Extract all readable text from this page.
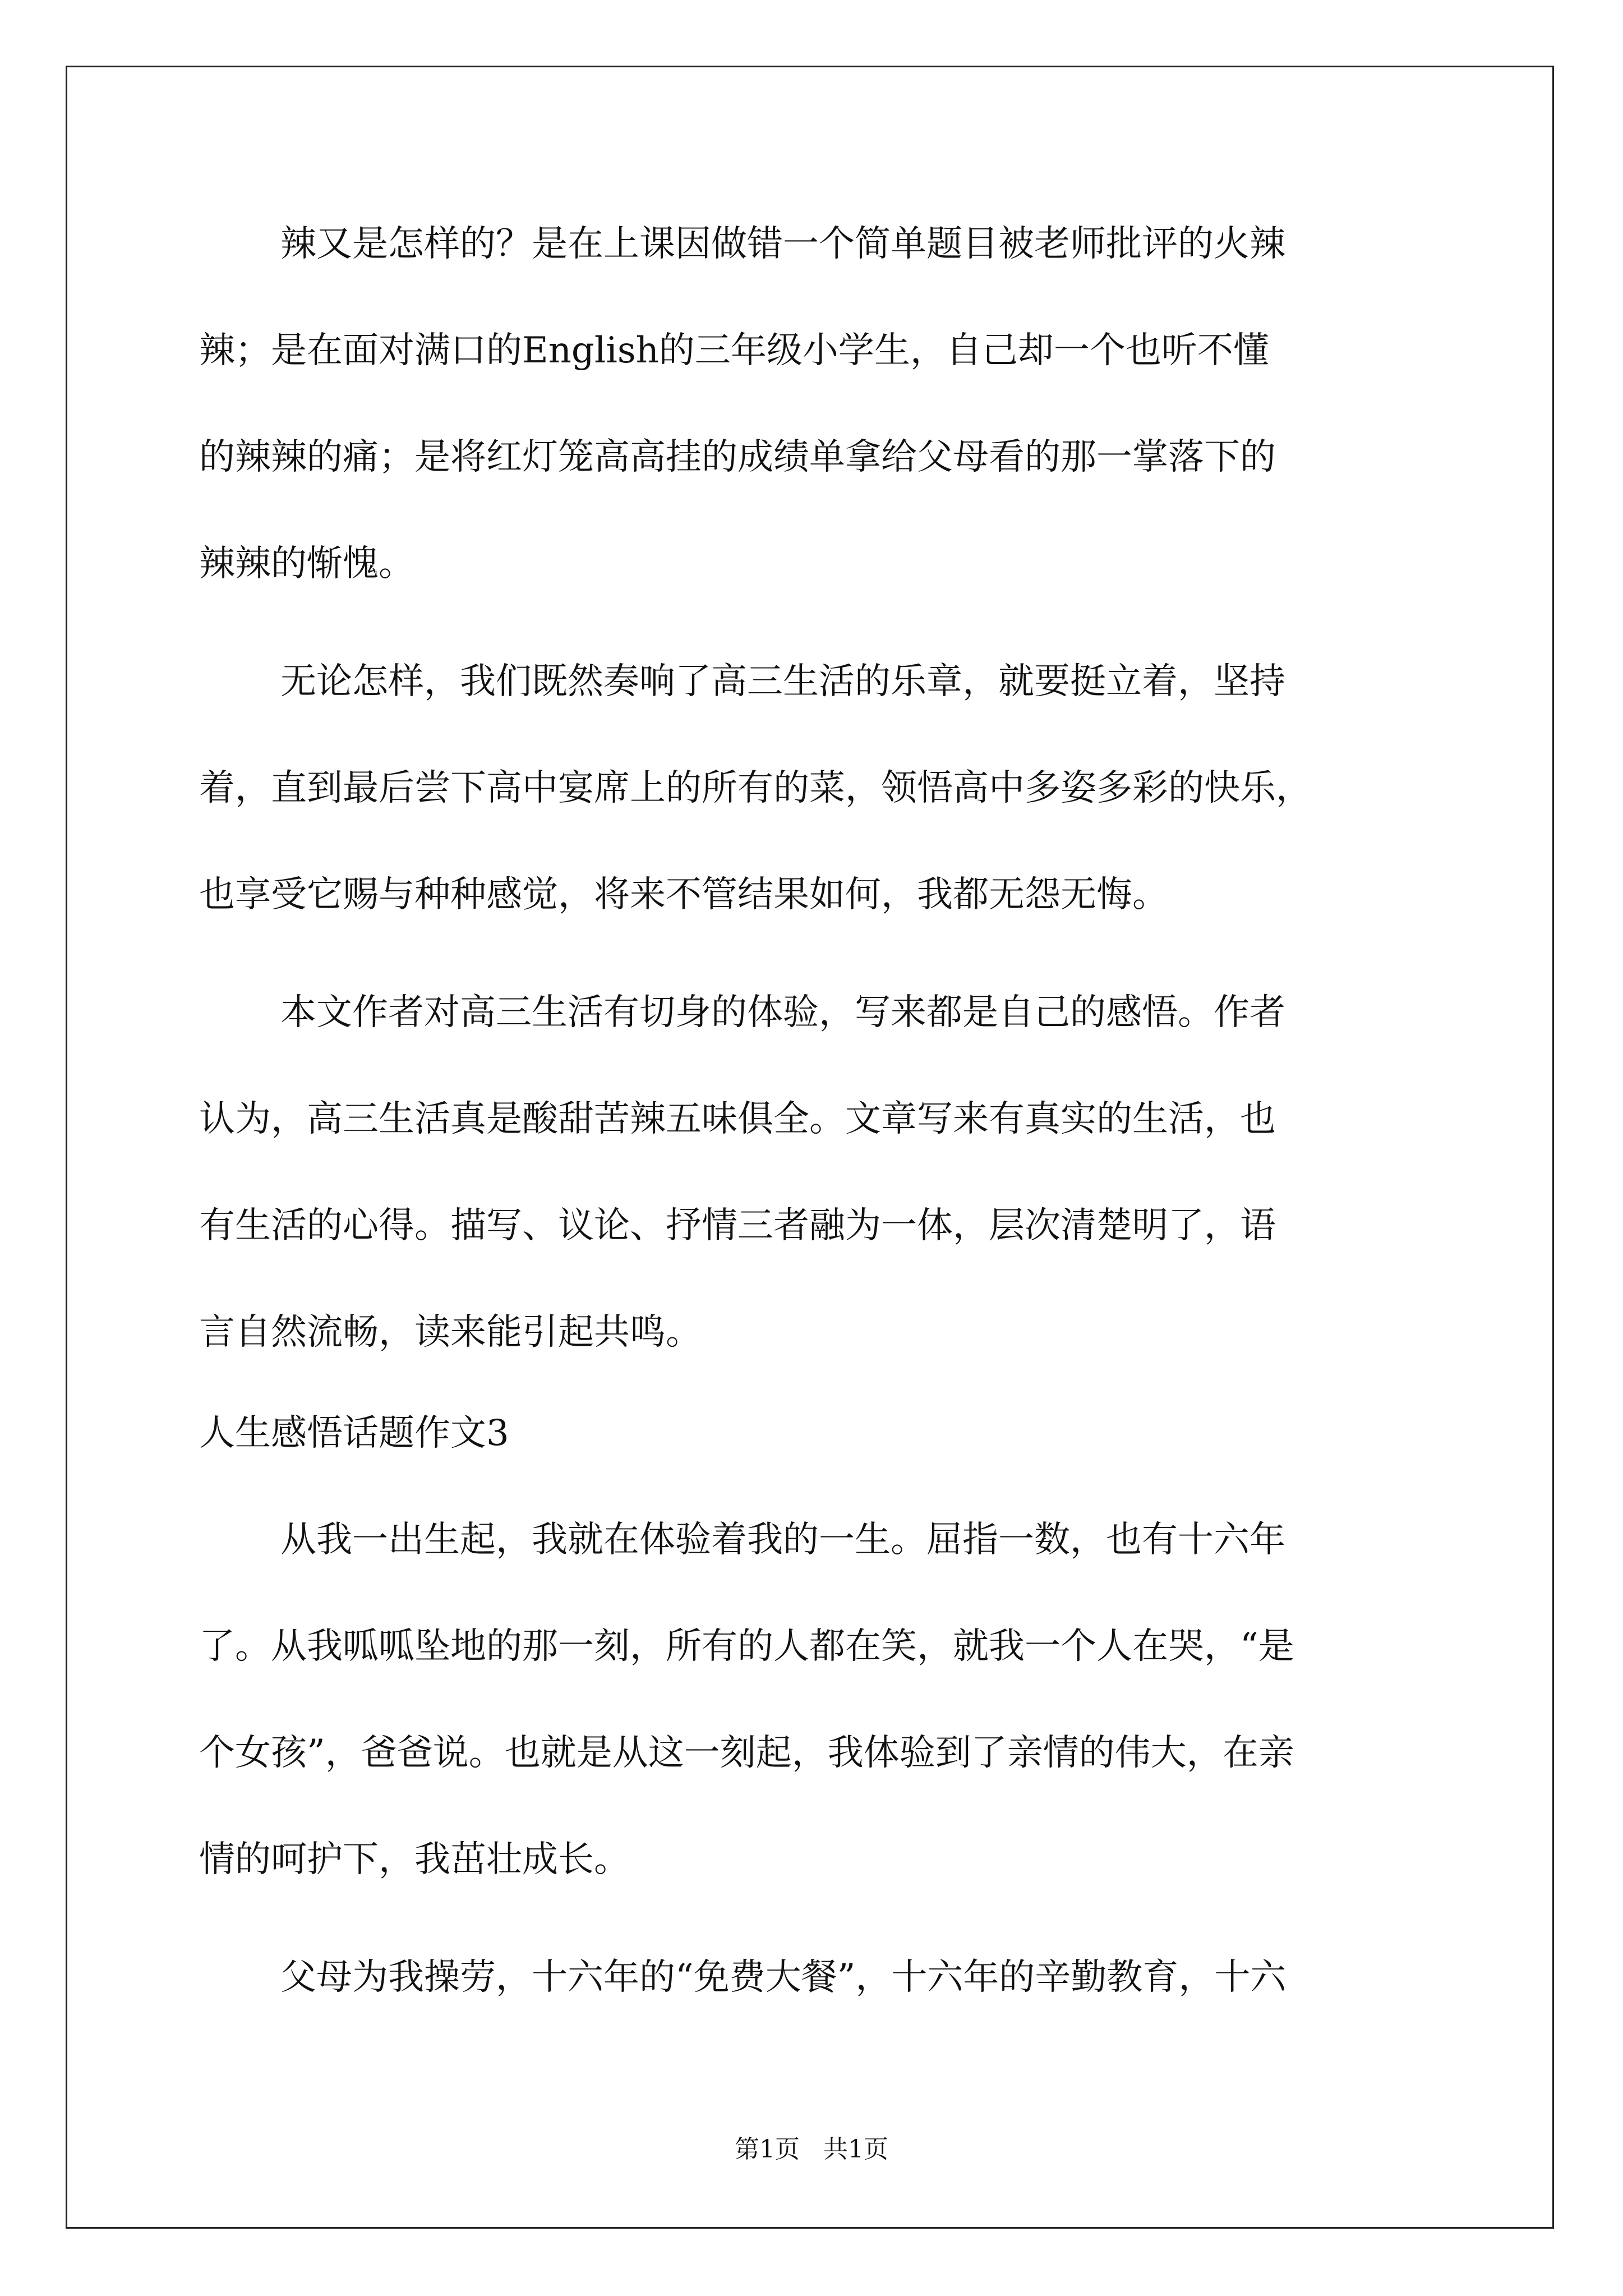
辣又是怎样的？是在上课因做错一个简单题目被老师批评的火辣
辣；是在面对满口的English的三年级小学生，自己却一个也听不懂
的辣辣的痛；是将红灯笼高高挂的成绩单拿给父母看的那一掌落下的
辣辣的惭愧。
无论怎样，我们既然奏响了高三生活的乐章，就要挺立着，坚持
着，直到最后尝下高中宴席上的所有的菜，领悟高中多姿多彩的快乐，
也享受它赐与种种感觉，将来不管结果如何，我都无怨无悔。
本文作者对高三生活有切身的体验，写来都是自己的感悟。作者
认为，高三生活真是酸甜苦辣五味俱全。文章写来有真实的生活，也
有生活的心得。描写、议论、抒情三者融为一体，层次清楚明了，语
言自然流畅，读来能引起共鸣。
人生感悟话题作文3
从我一出生起，我就在体验着我的一生。屈指一数，也有十六年
了。从我呱呱坠地的那一刻，所有的人都在笑，就我一个人在哭，“是
个女孩”，爸爸说。也就是从这一刻起，我体验到了亲情的伟大，在亲
情的呵护下，我茁壮成长。
父母为我操劳，十六年的“免费大餐”，十六年的辛勤教育，十六
第1页   共1页
